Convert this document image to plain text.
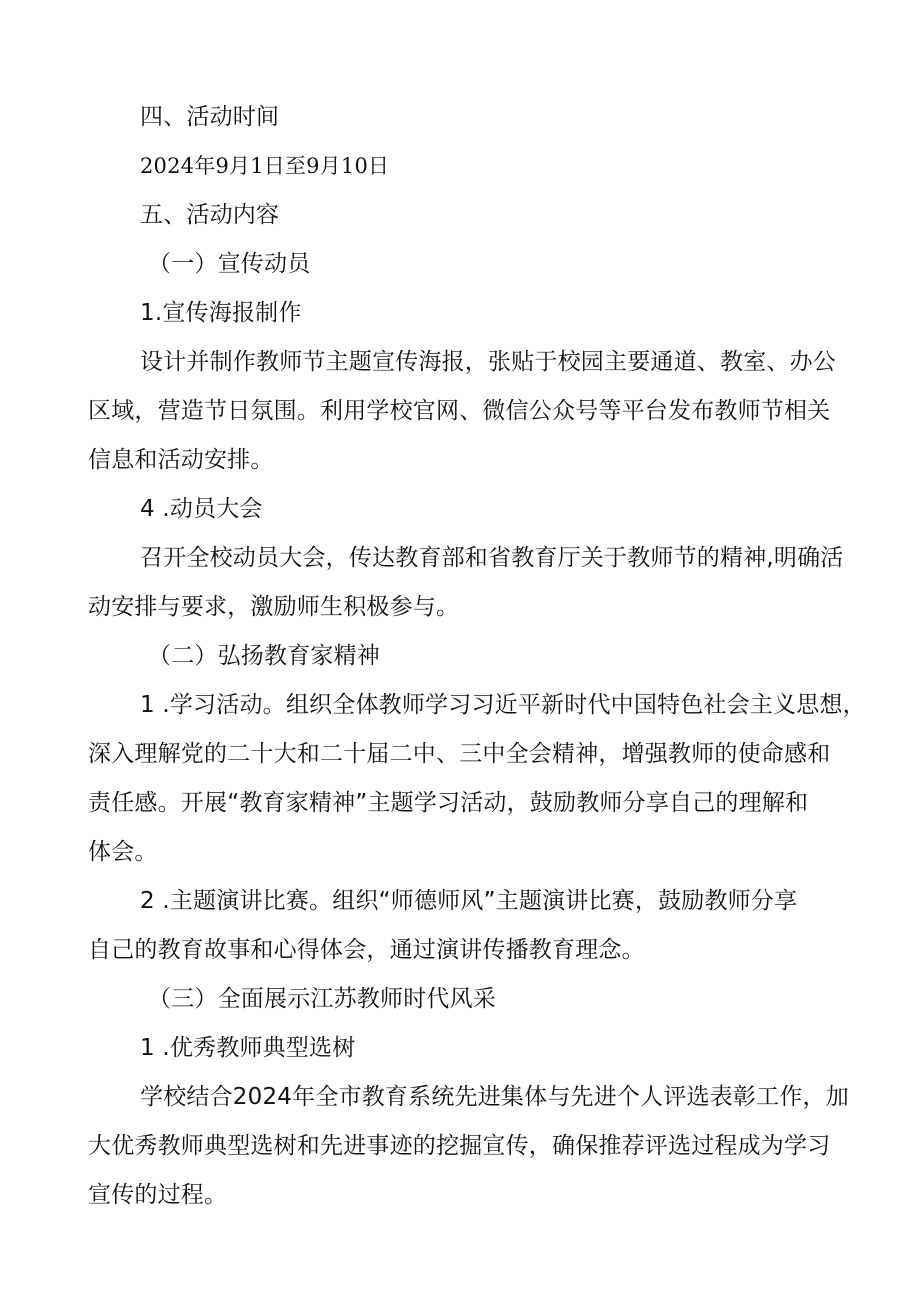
四、活动时间
2024年9月1日至9月10日
五、活动内容
（一）宣传动员
1.宣传海报制作
设计并制作教师节主题宣传海报，张贴于校园主要通道、教室、办公
区域，营造节日氛围。利用学校官网、微信公众号等平台发布教师节相关
信息和活动安排。
4 .动员大会
召开全校动员大会，传达教育部和省教育厅关于教师节的精神,明确活
动安排与要求，激励师生积极参与。
（二）弘扬教育家精神
1 .学习活动。组织全体教师学习习近平新时代中国特色社会主义思想，
深入理解党的二十大和二十届二中、三中全会精神，增强教师的使命感和
责任感。开展“教育家精神”主题学习活动，鼓励教师分享自己的理解和
体会。
2 .主题演讲比赛。组织“师德师风”主题演讲比赛，鼓励教师分享
自己的教育故事和心得体会，通过演讲传播教育理念。
（三）全面展示江苏教师时代风采
1 .优秀教师典型选树
学校结合2024年全市教育系统先进集体与先进个人评选表彰工作，加
大优秀教师典型选树和先进事迹的挖掘宣传，确保推荐评选过程成为学习
宣传的过程。
